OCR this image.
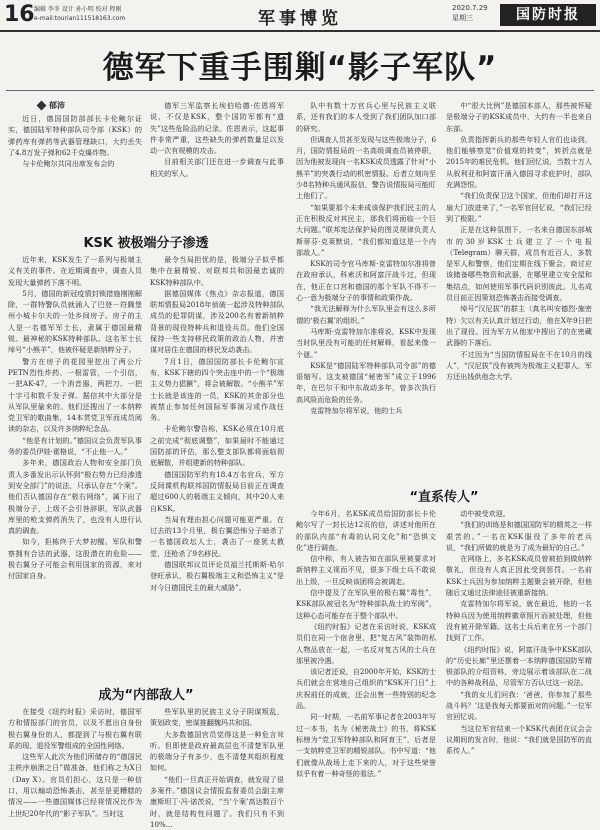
16 编辑 李冬 设计 孙小明 校对 程刚
e-mail:tourian111518163.com	军事博览
2020.7.29
星期三	国防时报
德军下重手围剿“影子军队”
郁沛

近日，德国国防部部长卡伦鲍尔证实，德国陆军特种部队司令部（KSK）的弹药库有弹药等武器管理缺口，大约丢失了4.8万发子弹和62千克爆炸物。

与卡伦鲍尔共同出席发布会的

德军三军监察长埃伯哈德·佐恩将军说，不仅是KSK，整个国防军都有“遗失”这些危险品的记录。佐恩表示，这起事件非常严重，这些缺失的弹药数量足以发动一次有规模的攻击。

目前相关部门还在进一步调查与此事相关的军人。

KSK 被极端分子渗透

近年来，KSK发生了一系列与极端主义有关的事件。在近期调查中，调查人员发现大量弹药下落不明。

5月，德国的新冠疫情封锁措施刚刚解除，一群特警队员就涌入了巴登－符腾堡州小城卡尔夫的一处乡间房子。房子的主人是一名德军军士长，隶属于德国最精锐、最神秘的KSK特种部队。这名军士长绰号“小熊羊”，他被怀疑是新纳粹分子。

警方在房子的花园里挖出了两公斤PETN烈性炸药、一根雷管，一个引信，一把AK-47，一个消音器，两把刀、一把十字弓和数千发子弹。据信其中大部分是从军队里偷来的。他们还搜出了一本纳粹党卫军的歌曲集，14本贯党卫军而成员阅读的杂志，以及许多纳粹纪念品。

“他是有计划的。”德国议会负责军队事务的委员伊娃·霍格说，“不止他一人。”

多年来，德国政治人物和安全部门负责人多番发出示认怀到“极右势力已经渗透到安全部门”的说法，只承认存在“个案”。他们否认德国存在“极右网络”，属下出了极端分子，上级不会引咎辞职，军队武器库里的枪支弹药消失了，也没有人进行认真的调查。

如今，拒栋终于大梦初醒。军队和警察拥有合法的武器，这股潜在的危险——极右翼分子可能会利用国家的资源，来对付国家自身。

最令当局担忧的是，极端分子似乎都集中在最精锐、对联邦共和国最忠诚的KSK特种部队中。

据德国媒体《焦点》杂志报道，德国联邦情报局2018年侦破一起涉及特种部队成员的犯罪阴谋，涉及200名有着新纳粹背景的现役特种兵和退役兵员。他们全国保持一些支持移民政策的政治人物，并密谋对居住在德国的移民发动袭击。

7月1日，德国国防部长卡伦鲍尔宣布，KSK下辖的四个突击连中的一个“极端主义势力猖獗”，将会被解散。“小熊羊”军士长就是该连的一员，KSK的其余部分也被禁止参加任何国际军事演习或作战任务。

卡伦鲍尔警告称，KSK必须在10月底之前完成“彻底调整”，如果届时不能通过国防部的评估，那么整支部队都将面临彻底解散，并组建新的特种部队。

德国国防军约有18.4万名官兵，军方反间谍机构联邦国防情报局目前正在调查超过600人的极端主义倾向，其中20人来自KSK。

当局有理由担心问题可能更严重。在过去的13个月里，极右翼恐怖分子暗杀了一名德国政坛人士，袭击了一座犹太教堂，还枪杀了9名移民。

德国联邦议员评论员福兰托斯斯·哈尔登旺承认，极右翼极端主义和恐怖主义“是对今日德国民主的最大威胁”。

成为“内部敌人”

在接受《纽约时报》采访时，德国军方和情报部门的官员，以及不愿出自身份极右翼身份的人，都提到了与极右翼有联系的现、退役军警组成的全国性网络。

这些军人此次为他们所储存的“德国民主秩序崩溃之日”做准备，他们称之为X日（Day X）。官员们担心，这只是一种信口，用以煽动恐怖袭击，甚至是更糟糕的情况——一些德国媒体已经将情况比作为上世纪20年代的“影子军队”。当时这

些军队里的民族主义分子阴谋叛乱，策划政变，密谋推翻魏玛共和国。

大多数德国官员觉得这是一种危言耸听。但即使是政府最高层也不清楚军队里的极端分子有多少，也不清楚其组织程度如何。

“他们一旦真正开始调查，就发现了很多案件。”德国议会情报监督委员会副主席康斯坦丁·冯·诺茨说，“当‘个案’高达数百个时，就是结构性问题了。我们只有不到10%...

队中有数十万官兵心里与民族主义联系，还有我们的本人受到了我们团队加口部的研究。

但调查人员甚至发现与这些极端分子，6月，国防情报局的一名高级调查员被停职，因为他被发现向一名KSK成员透露了针对“小熊羊”的突袭行动的机密情报。后者立刻向至少8名特种兵通风报信，警告说情报局可能盯上他们了。

“如果要那个未来成该保护我们民主的人正在积极反对其民主，那我们将面临一个巨大问题。”联邦宪法保护局的图灵规律负责人斯蒂芬·克莱默说，“我们都知道这是一个内部敌人。”

KSK的司令官马库斯·克雷特加尔准将曾在政府承认，科索沃和阿富汗战斗过，但现在，他正在口宫和德国的那个军队不得不一心一意为极端分子的事情和政策作战。

“我无法解释为什么军队里会有这么多所谓的‘极右翼’的组织。”

马库斯·克雷特加尔准将说，KSK中发现当时队里没有可能的任何解释，看起来像一个谜。”

KSK是“德国陆军特种部队司令部”的德语缩写。这支被德国“秘密军”成立于1996年，在巴尔干和中东战动多年，曾多次执行高风险而危险的任务。

克雷特加尔将军说，他的士兵

中“很大比例”是德国本部人，那些被怀疑是极端分子的KSK成员中，大约有一半也来自东部。

负责指挥新兵的那些年轻人官们也谈到，他们能够察觉“价值观的转变”，转折点就是2015年的难民危机。他们回忆说，当数十万人从叙利亚和阿富汗涌入德国寻求庇护时，部队充满怨恨。

“我们负责保卫这个国家，但他们却打开这扇大门放进来了，”一名军官回忆说，“我们已经到了极限。”

正是在这种氛围下，一名来自德国东部城市的30岁KSK士兵建立了一个电报（Telegram）聊天群，成员有近百人，多数是军人和警察，他们定期在线下聚会，商讨应该储备哪些物资和武器，在哪里建立安全屋和集结点，如何使用军事代码识别彼此。儿名成员目前正因策划恐怖袭击而接受调查。

绰号“汉尼拔”的群主（真名叫安德烈·施密特）欠以有关认真计划过行动，他在X年9日把出了现役。因为军方从他家中搜出了的在密藏武器的下落后。

不过因为“当国防情报局在不在10月的线人”，“汉尼拔”没有被判为极端主义犯罪人，军方还出钱供他念大学。

“直系传人”

今年6月，名KSK成员给国防部长卡伦鲍尔写了一封长达12页的信，讲述对他所在的部队内部“有毒的认同文化”和“恐惧文化”进行调查。

信中称，有人被告知在部队里被要求对新纳粹主义视而不见，很多下级士兵不敢说出上级，一旦反映该团将会被调走。

信中提及了在军队里的极右翼“毒性”，KSK部队被冠名为“特种部队战士的军阀”，这种心态可能存在于整个部队中。

《纽约时报》记者在采访时说，KSK成员们在同一个宿舍里，把“复古风”装饰的私人物品放在一起，一名反对复古风的士兵在那里被冷遇。

该记者还说，自2000年开始，KSK的士兵们就会在营地自己组织的“KSK开门日”上庆祝前任的成就，还会出售一些特别的纪念品。

同一时期，一名前军事记者在2003年写过一本书，名为《秘密战士》的书，将KSK标榜为“党卫军特种部队和阿育王”，后者是一支纳粹党卫军的精锐部队。书中写道：“他们就像从战场上走下来的人，对于这些荣誉似乎有着一种奇怪的看法。”

动中被受欢迎。

“我们的训练是和德国国防军的精英之一样艰苦的。”一名在KSK服役了多年的老兵说，“我们所做的就是为了成为最好的自己。”

在网络上，多名KSK成员曾被拍到做纳粹敬礼，但没有人真正因此受到惩罚。一名前KSK士兵因为参加纳粹主题聚会被开除，但他随后又通过法律途径被重新接纳。

克雷特加尔将军说，就在最近，他的一名特种兵因为使用纳粹徽章照片而被处理，但他没有被开除军籍。这名士兵后来在另一个部门找到了工作。

《纽约时报》说，阿富汗战争中KSK部队的“历史长廊”里还摆着一本纳粹德国国防军精锐部队的介绍资料，旁边展示着该部队在二战中的各种战利品，尽管军方否认过这一说法。

“我的女儿们问我：‘爸爸，你参加了那些战斗吗？’这是我每天都要面对的问题。”一位军官回忆说。

当这位军官结束一个KSK代表团在议会会议期间的发言时，他说：“我们就是国防军的直系传人。”
